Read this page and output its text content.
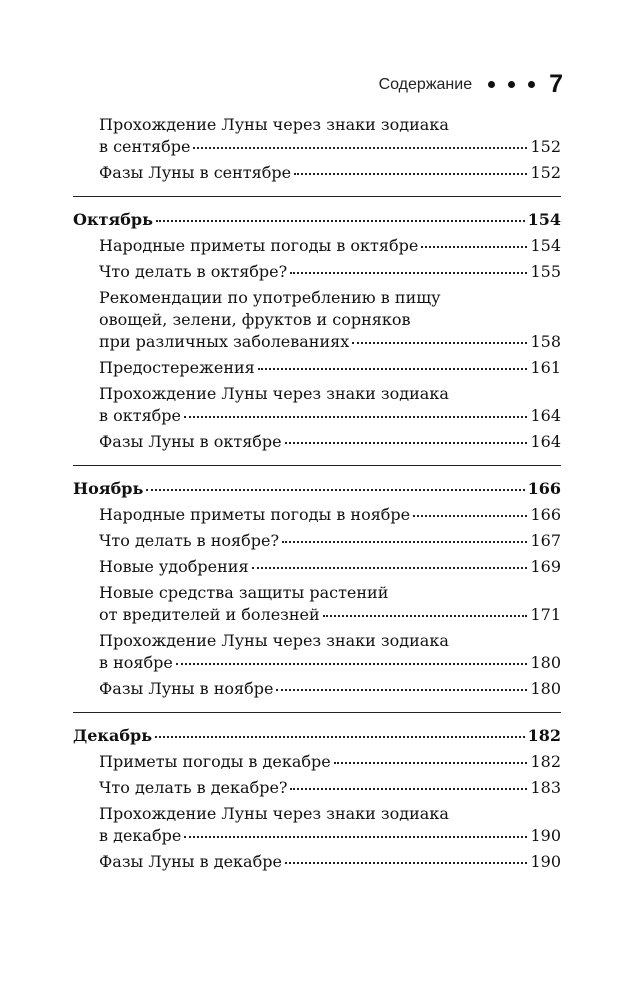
Содержание	7
Прохождение Луны через знаки зодиака
в сентябре	152
Фазы Луны в сентябре	152
Октябрь	154
Народные приметы погоды в октябре	154
Что делать в октябре?	155
Рекомендации по употреблению в пищу
овощей, зелени, фруктов и сорняков
при различных заболеваниях	158
Предостережения	161
Прохождение Луны через знаки зодиака
в октябре	164
Фазы Луны в октябре	164
Ноябрь	166
Народные приметы погоды в ноябре	166
Что делать в ноябре?	167
Новые удобрения	169
Новые средства защиты растений
от вредителей и болезней	171
Прохождение Луны через знаки зодиака
в ноябре	180
Фазы Луны в ноябре	180
Декабрь	182
Приметы погоды в декабре	182
Что делать в декабре?	183
Прохождение Луны через знаки зодиака
в декабре	190
Фазы Луны в декабре	190
